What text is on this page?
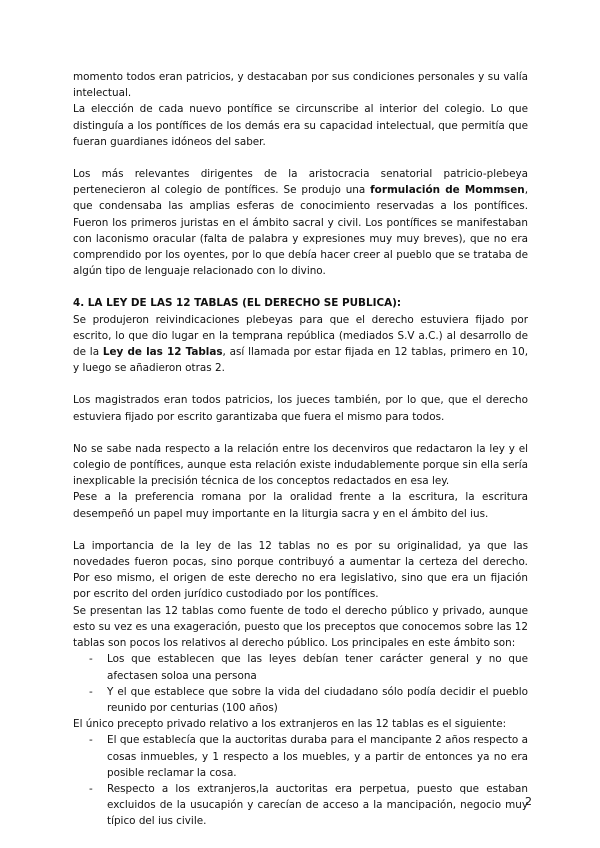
momento todos eran patricios, y destacaban por sus condiciones personales y su valía intelectual.

La elección de cada nuevo pontífice se circunscribe al interior del colegio. Lo que distinguía a los pontífices de los demás era su capacidad intelectual, que permitía que fueran guardianes idóneos del saber.

Los más relevantes dirigentes de la aristocracia senatorial patricio-plebeya pertenecieron al colegio de pontífices. Se produjo una formulación de Mommsen, que condensaba las amplias esferas de conocimiento reservadas a los pontífices. Fueron los primeros juristas en el ámbito sacral y civil. Los pontífices se manifestaban con laconismo oracular (falta de palabra y expresiones muy muy breves), que no era comprendido por los oyentes, por lo que debía hacer creer al pueblo que se trataba de algún tipo de lenguaje relacionado con lo divino.

4. LA LEY DE LAS 12 TABLAS (EL DERECHO SE PUBLICA):

Se produjeron reivindicaciones plebeyas para que el derecho estuviera fijado por escrito, lo que dio lugar en la temprana república (mediados S.V a.C.) al desarrollo de de la Ley de las 12 Tablas, así llamada por estar fijada en 12 tablas, primero en 10, y luego se añadieron otras 2.

Los magistrados eran todos patricios, los jueces también, por lo que, que el derecho estuviera fijado por escrito garantizaba que fuera el mismo para todos.

No se sabe nada respecto a la relación entre los decenviros que redactaron la ley y el colegio de pontífices, aunque esta relación existe indudablemente porque sin ella sería inexplicable la precisión técnica de los conceptos redactados en esa ley.

Pese a la preferencia romana por la oralidad frente a la escritura, la escritura desempeñó un papel muy importante en la liturgia sacra y en el ámbito del ius.

La importancia de la ley de las 12 tablas no es por su originalidad, ya que las novedades fueron pocas, sino porque contribuyó a aumentar la certeza del derecho. Por eso mismo, el origen de este derecho no era legislativo, sino que era un fijación por escrito del orden jurídico custodiado por los pontífices.

Se presentan las 12 tablas como fuente de todo el derecho público y privado, aunque esto su vez es una exageración, puesto que los preceptos que conocemos sobre las 12 tablas son pocos los relativos al derecho público. Los principales en este ámbito son:

- Los que establecen que las leyes debían tener carácter general y no que afectasen soloa una persona
- Y el que establece que sobre la vida del ciudadano sólo podía decidir el pueblo reunido por centurias (100 años)

El único precepto privado relativo a los extranjeros en las 12 tablas es el siguiente:

- El que establecía que la auctoritas duraba para el mancipante 2 años respecto a cosas inmuebles, y 1 respecto a los muebles, y a partir de entonces ya no era posible reclamar la cosa.
- Respecto a los extranjeros,la auctoritas era perpetua, puesto que estaban excluidos de la usucapión y carecían de acceso a la mancipación, negocio muy típico del ius civile.
2
